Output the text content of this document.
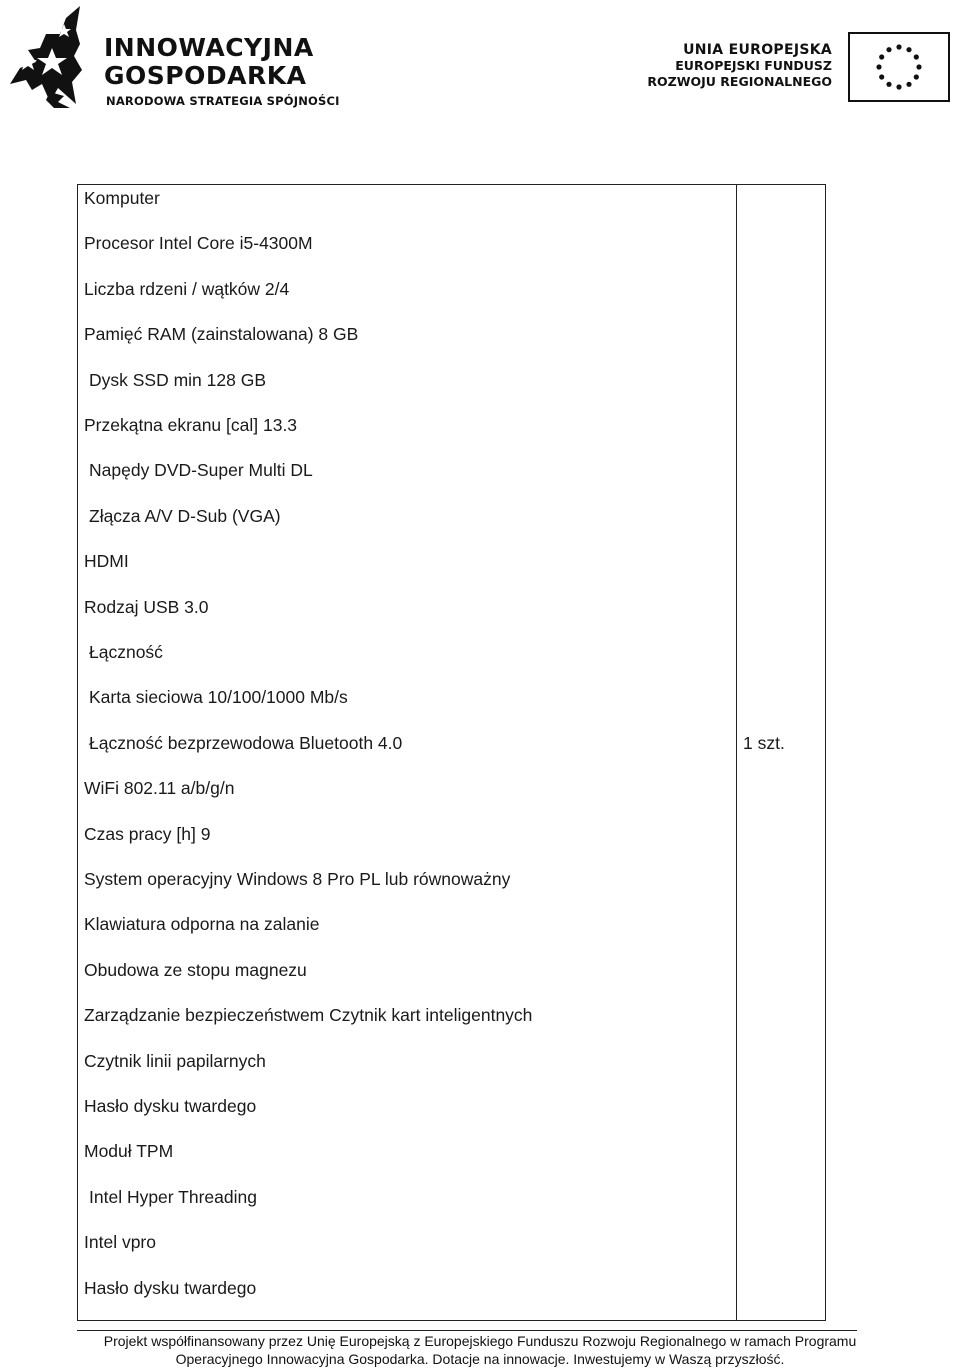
INNOWACYJNA
GOSPODARKA
NARODOWA STRATEGIA SPÓJNOŚCI
UNIA EUROPEJSKA
EUROPEJSKI FUNDUSZ
ROZWOJU REGIONALNEGO
Komputer
Procesor Intel Core i5-4300M
Liczba rdzeni / wątków 2/4
Pamięć RAM (zainstalowana) 8 GB
Dysk SSD min 128 GB
Przekątna ekranu [cal] 13.3
Napędy DVD-Super Multi DL
Złącza A/V D-Sub (VGA)
HDMI
Rodzaj USB 3.0
Łączność
Karta sieciowa 10/100/1000 Mb/s
Łączność bezprzewodowa Bluetooth 4.0
WiFi 802.11 a/b/g/n
Czas pracy [h] 9
System operacyjny Windows 8 Pro PL lub równoważny
Klawiatura odporna na zalanie
Obudowa ze stopu magnezu
Zarządzanie bezpieczeństwem Czytnik kart inteligentnych
Czytnik linii papilarnych
Hasło dysku twardego
Moduł TPM
Intel Hyper Threading
Intel vpro
Hasło dysku twardego
1 szt.
Projekt współfinansowany przez Unię Europejską z Europejskiego Funduszu Rozwoju Regionalnego w ramach Programu
Operacyjnego Innowacyjna Gospodarka. Dotacje na innowacje. Inwestujemy w Waszą przyszłość.
